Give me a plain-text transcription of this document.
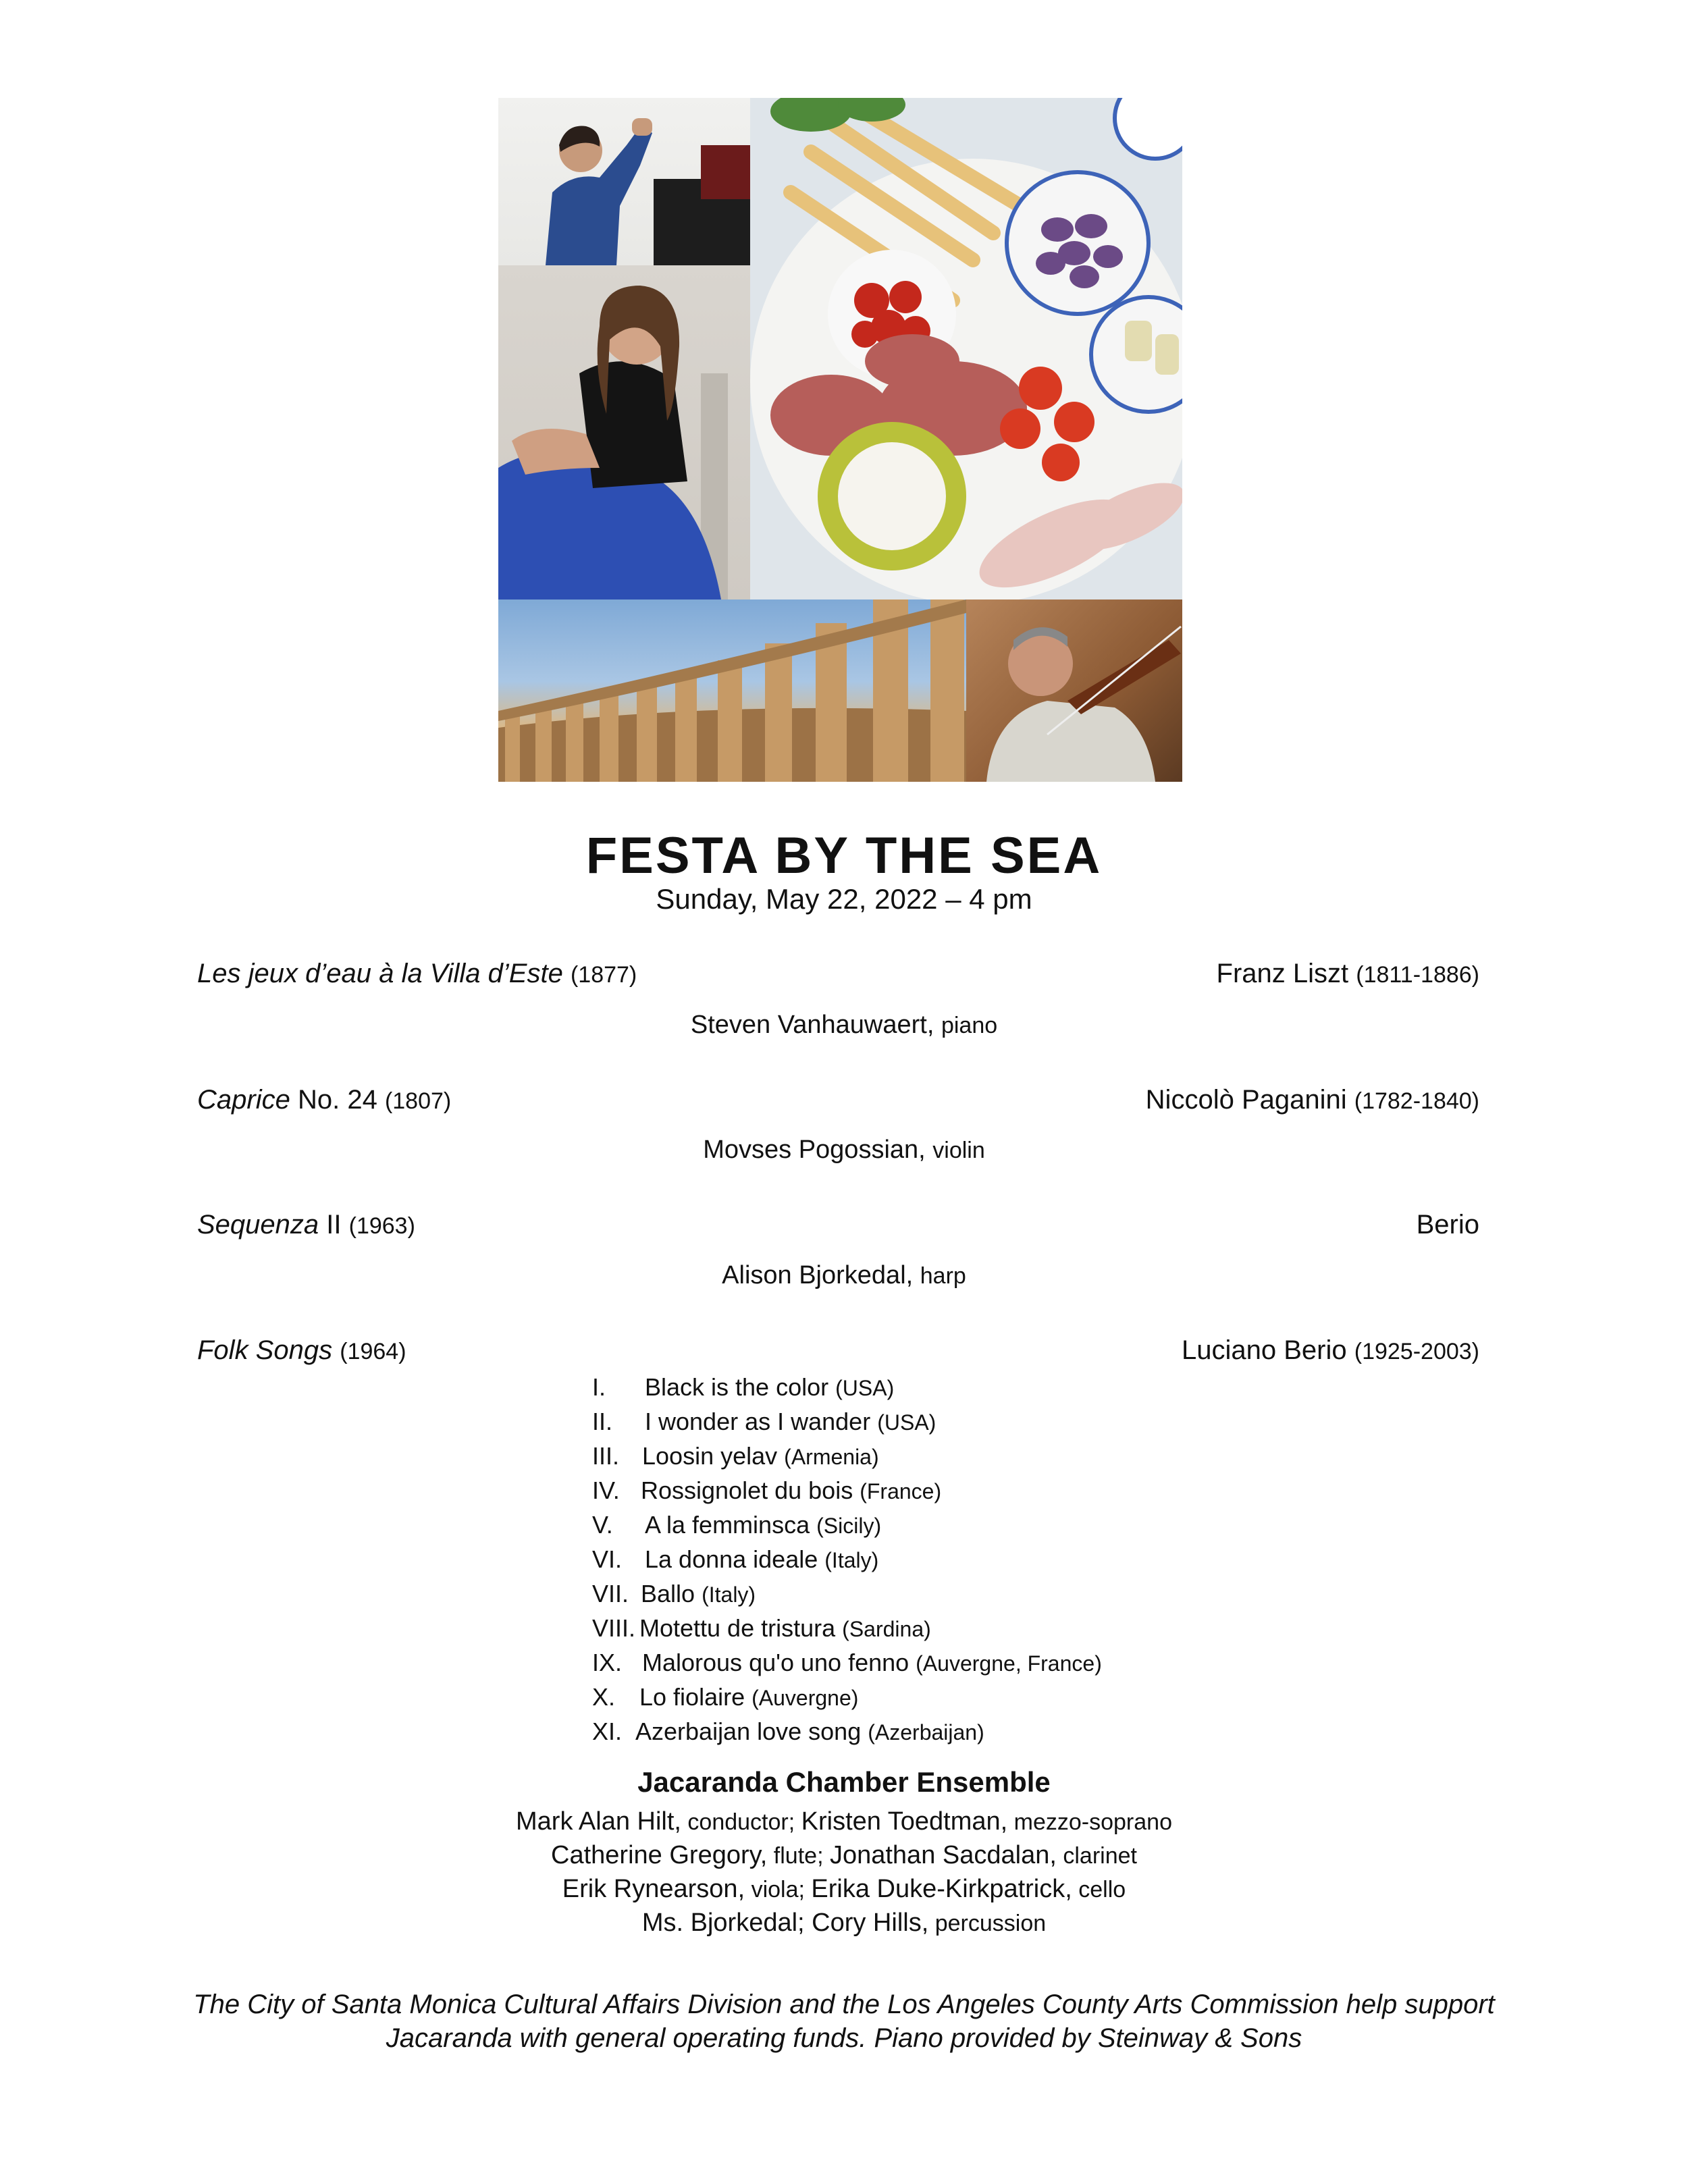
FESTA BY THE SEA
Sunday, May 22, 2022 – 4 pm
Les jeux d’eau à la Villa d’Este (1877)	Franz Liszt (1811-1886)
Steven Vanhauwaert, piano
Caprice No. 24 (1807)	Niccolò Paganini (1782-1840)
Movses Pogossian, violin
Sequenza II (1963)	Berio
Alison Bjorkedal, harp
Folk Songs (1964)	Luciano Berio (1925-2003)
I. Black is the color (USA)
II. I wonder as I wander (USA)
III. Loosin yelav (Armenia)
IV. Rossignolet du bois (France)
V. A la femminsca (Sicily)
VI. La donna ideale (Italy)
VII. Ballo (Italy)
VIII. Motettu de tristura (Sardina)
IX. Malorous qu'o uno fenno (Auvergne, France)
X. Lo fiolaire (Auvergne)
XI. Azerbaijan love song (Azerbaijan)
Jacaranda Chamber Ensemble
Mark Alan Hilt, conductor; Kristen Toedtman, mezzo-soprano
Catherine Gregory, flute; Jonathan Sacdalan, clarinet
Erik Rynearson, viola; Erika Duke-Kirkpatrick, cello
Ms. Bjorkedal; Cory Hills, percussion
The City of Santa Monica Cultural Affairs Division and the Los Angeles County Arts Commission help support
Jacaranda with general operating funds. Piano provided by Steinway & Sons
